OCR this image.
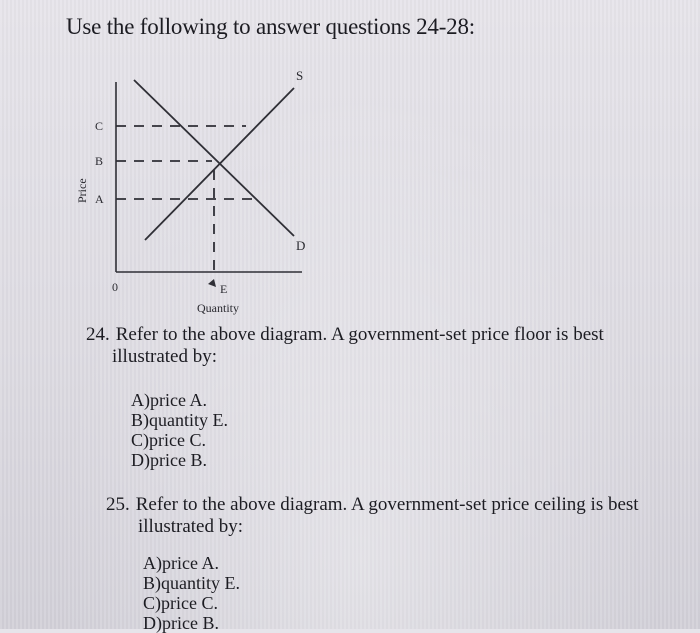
Use the following to answer questions 24-28:
C
B
A
0
S
D
E
Quantity
Price
24. Refer to the above diagram. A government-set price floor is best
illustrated by:
A)price A.
B)quantity E.
C)price C.
D)price B.
25. Refer to the above diagram. A government-set price ceiling is best
illustrated by:
A)price A.
B)quantity E.
C)price C.
D)price B.
